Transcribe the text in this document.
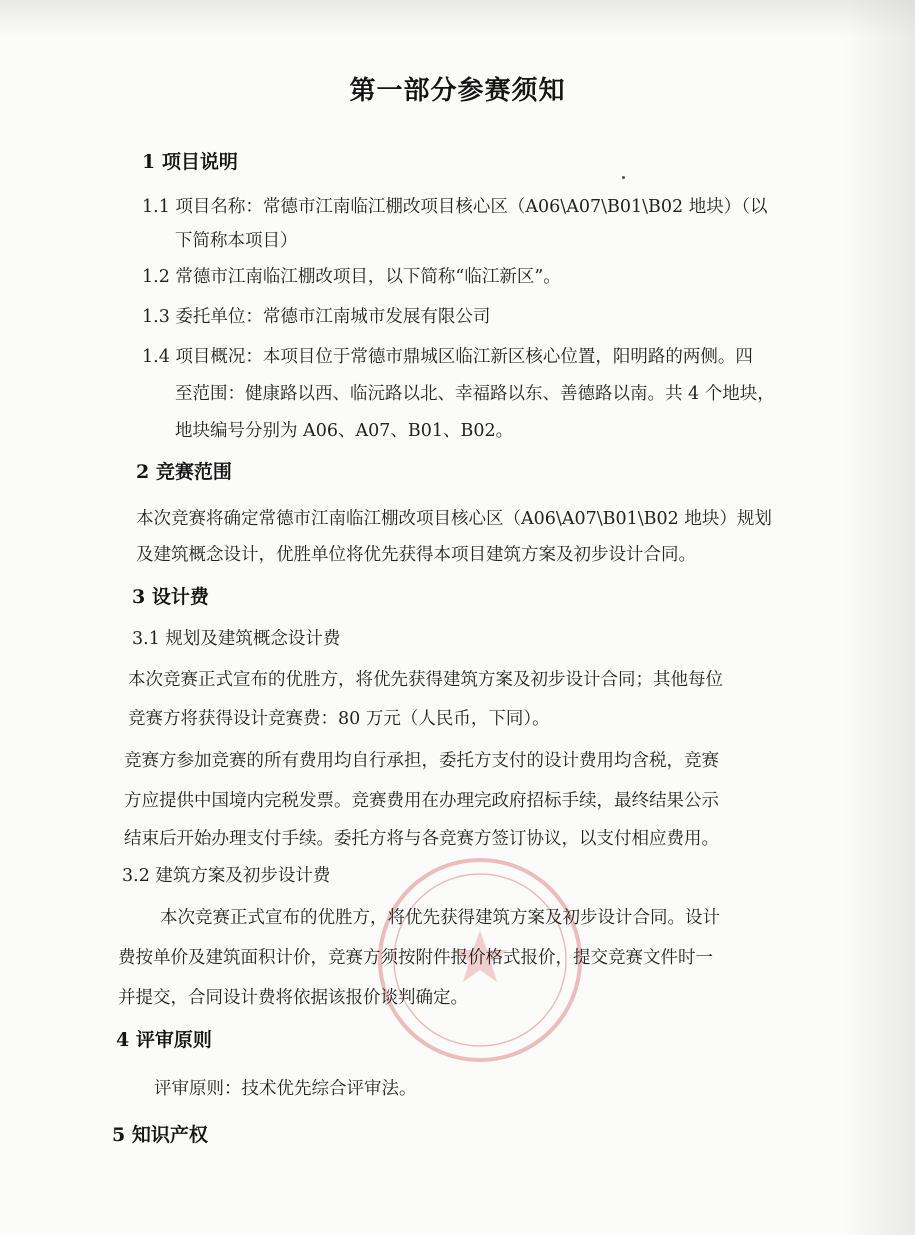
第一部分参赛须知
1 项目说明
1.1 项目名称：常德市江南临江棚改项目核心区（A06\A07\B01\B02 地块）（以
下简称本项目）
1.2 常德市江南临江棚改项目，以下简称“临江新区”。
1.3 委托单位：常德市江南城市发展有限公司
1.4 项目概况：本项目位于常德市鼎城区临江新区核心位置，阳明路的两侧。四
至范围：健康路以西、临沅路以北、幸福路以东、善德路以南。共 4 个地块，
地块编号分别为 A06、A07、B01、B02。
2 竞赛范围
本次竞赛将确定常德市江南临江棚改项目核心区（A06\A07\B01\B02 地块）规划
及建筑概念设计，优胜单位将优先获得本项目建筑方案及初步设计合同。
3 设计费
3.1 规划及建筑概念设计费
本次竞赛正式宣布的优胜方，将优先获得建筑方案及初步设计合同；其他每位
竞赛方将获得设计竞赛费：80 万元（人民币，下同）。
竞赛方参加竞赛的所有费用均自行承担，委托方支付的设计费用均含税，竞赛
方应提供中国境内完税发票。竞赛费用在办理完政府招标手续，最终结果公示
结束后开始办理支付手续。委托方将与各竞赛方签订协议，以支付相应费用。
3.2 建筑方案及初步设计费
本次竞赛正式宣布的优胜方，将优先获得建筑方案及初步设计合同。设计
费按单价及建筑面积计价，竞赛方须按附件报价格式报价，提交竞赛文件时一
并提交，合同设计费将依据该报价谈判确定。
4 评审原则
评审原则：技术优先综合评审法。
5 知识产权
